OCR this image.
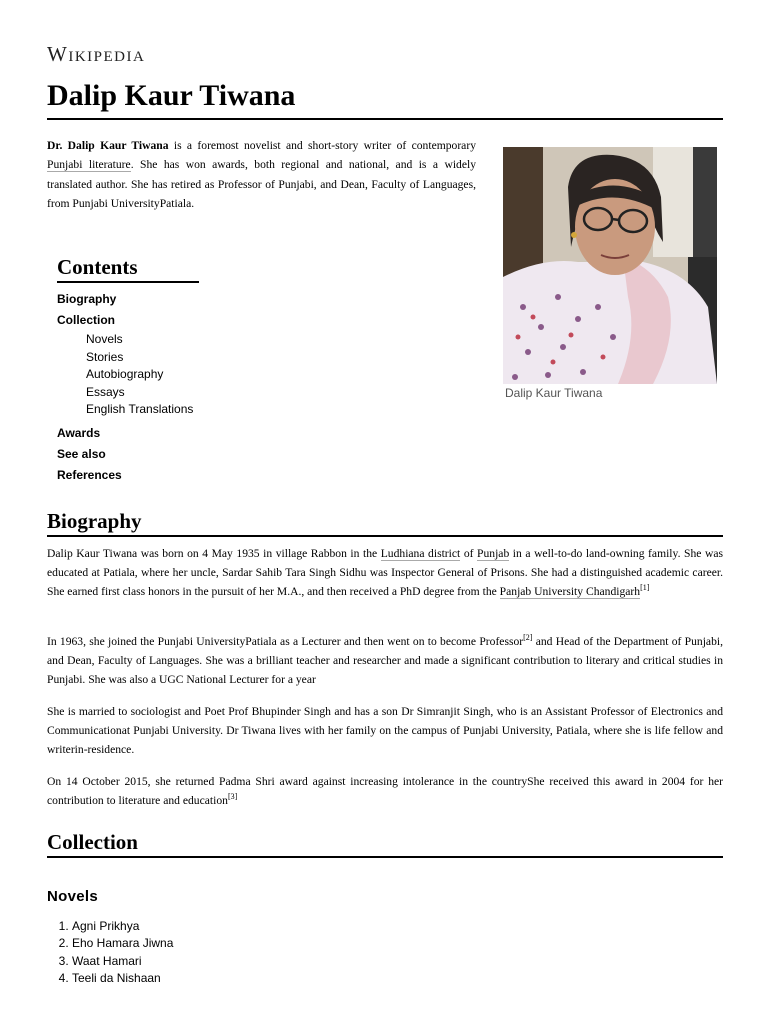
Wikipedia
Dalip Kaur Tiwana

Dr. Dalip Kaur Tiwana is a foremost novelist and short-story writer of contemporary Punjabi literature. She has won awards, both regional and national, and is a widely translated author. She has retired as Professor of Punjabi, and Dean, Faculty of Languages, from Punjabi UniversityPatiala.

Dalip Kaur Tiwana
Contents
Biography
Collection
Novels
Stories
Autobiography
Essays
English Translations
Awards
See also
References
Biography

Dalip Kaur Tiwana was born on 4 May 1935 in village Rabbon in the Ludhiana district of Punjab in a well-to-do land-owning family. She was educated at Patiala, where her uncle, Sardar Sahib Tara Singh Sidhu was Inspector General of Prisons. She had a distinguished academic career. She earned first class honors in the pursuit of her M.A., and then received a PhD degree from the Panjab University Chandigarh[1]

In 1963, she joined the Punjabi UniversityPatiala as a Lecturer and then went on to become Professor[2] and Head of the Department of Punjabi, and Dean, Faculty of Languages. She was a brilliant teacher and researcher and made a significant contribution to literary and critical studies in Punjabi. She was also a UGC National Lecturer for a year

She is married to sociologist and Poet Prof Bhupinder Singh and has a son Dr Simranjit Singh, who is an Assistant Professor of Electronics and Communicationat Punjabi University. Dr Tiwana lives with her family on the campus of Punjabi University, Patiala, where she is life fellow and writerin-residence.

On 14 October 2015, she returned Padma Shri award against increasing intolerance in the countryShe received this award in 2004 for her contribution to literature and education[3]

Collection
Novels
1. Agni Prikhya
2. Eho Hamara Jiwna
3. Waat Hamari
4. Teeli da Nishaan
